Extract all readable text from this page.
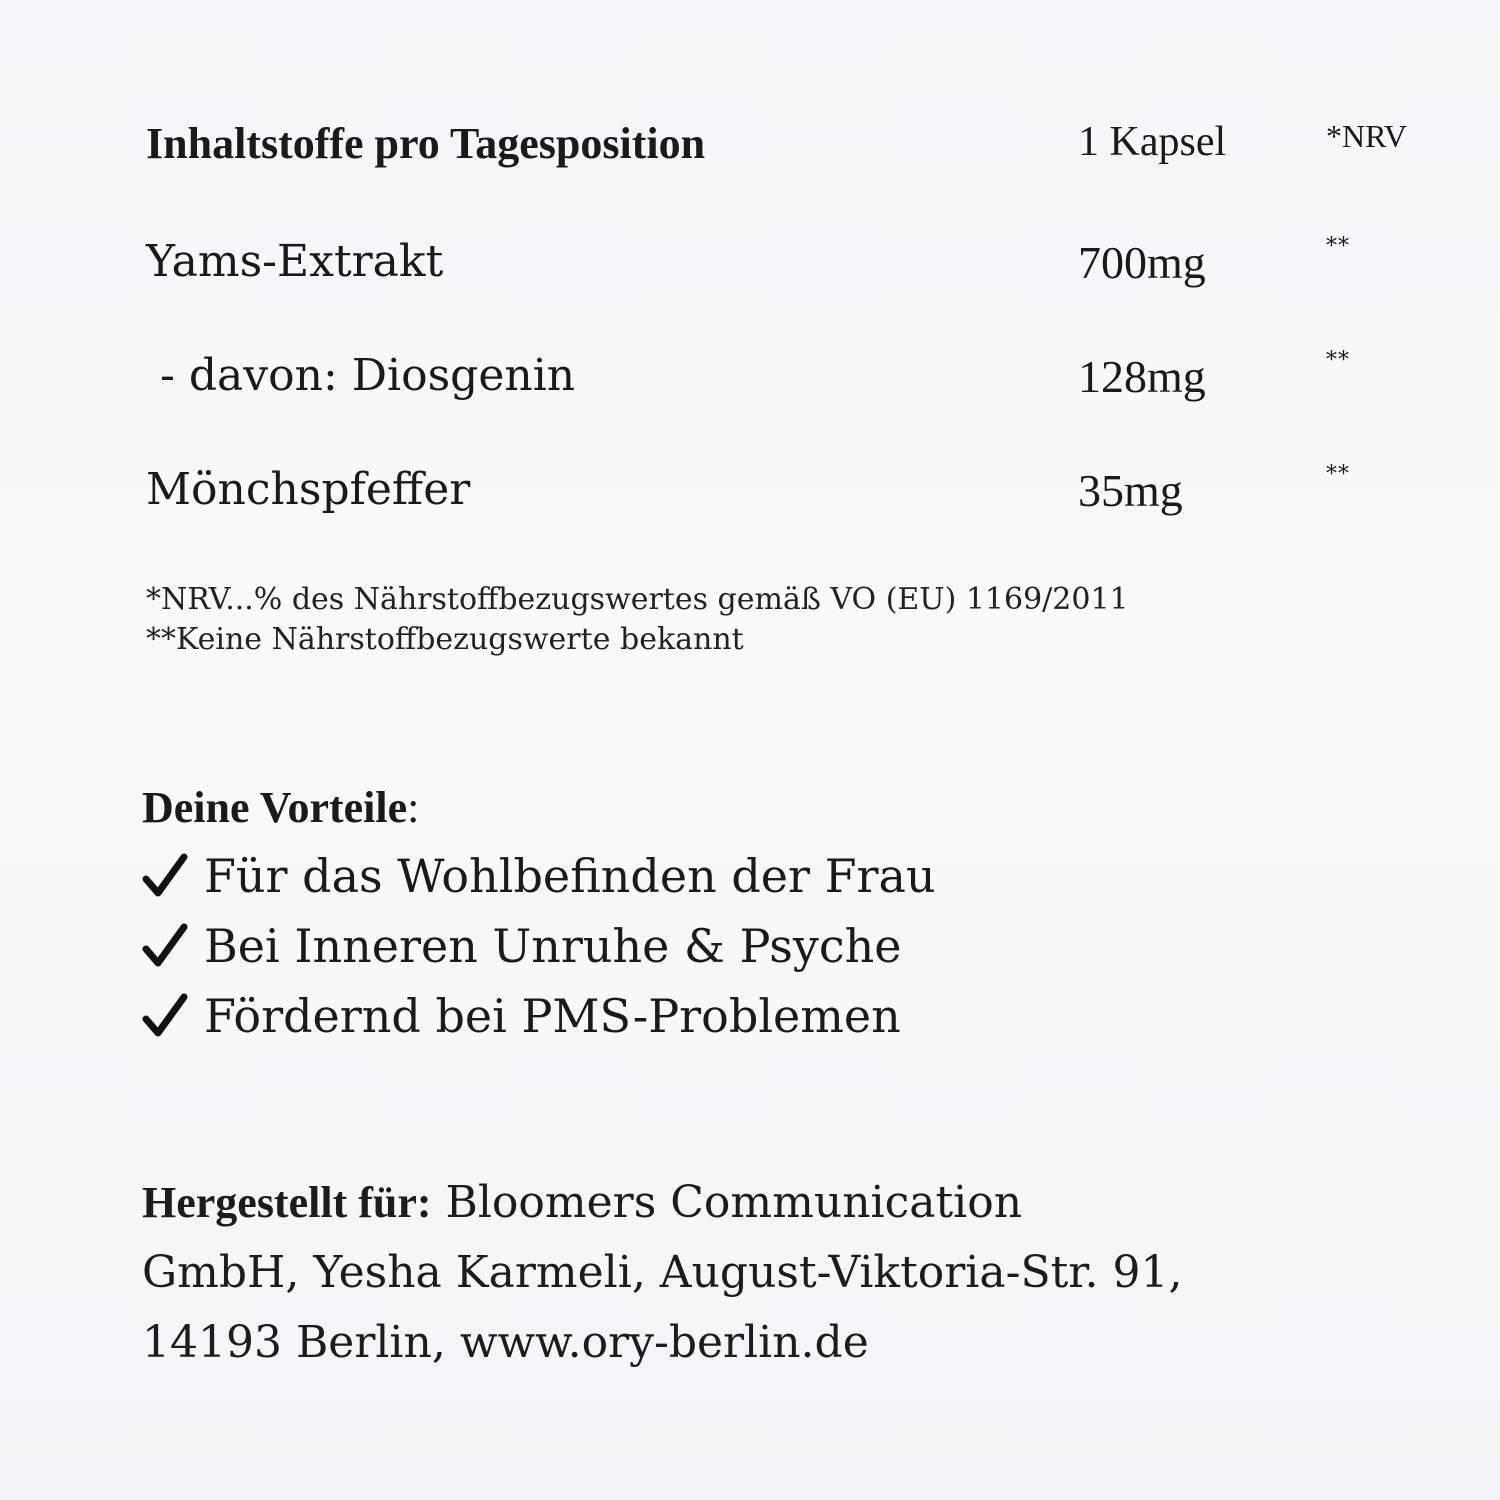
Inhaltstoffe pro Tagesposition	1 Kapsel	*NRV
Yams-Extrakt	700mg	**
- davon: Diosgenin	128mg	**
Mönchspfeffer	35mg	**
*NRV...% des Nährstoffbezugswertes gemäß VO (EU) 1169/2011
**Keine Nährstoffbezugswerte bekannt
Deine Vorteile:
Für das Wohlbefinden der Frau
Bei Inneren Unruhe & Psyche
Fördernd bei PMS-Problemen
Hergestellt für: Bloomers Communication
GmbH, Yesha Karmeli, August-Viktoria-Str. 91,
14193 Berlin, www.ory-berlin.de
